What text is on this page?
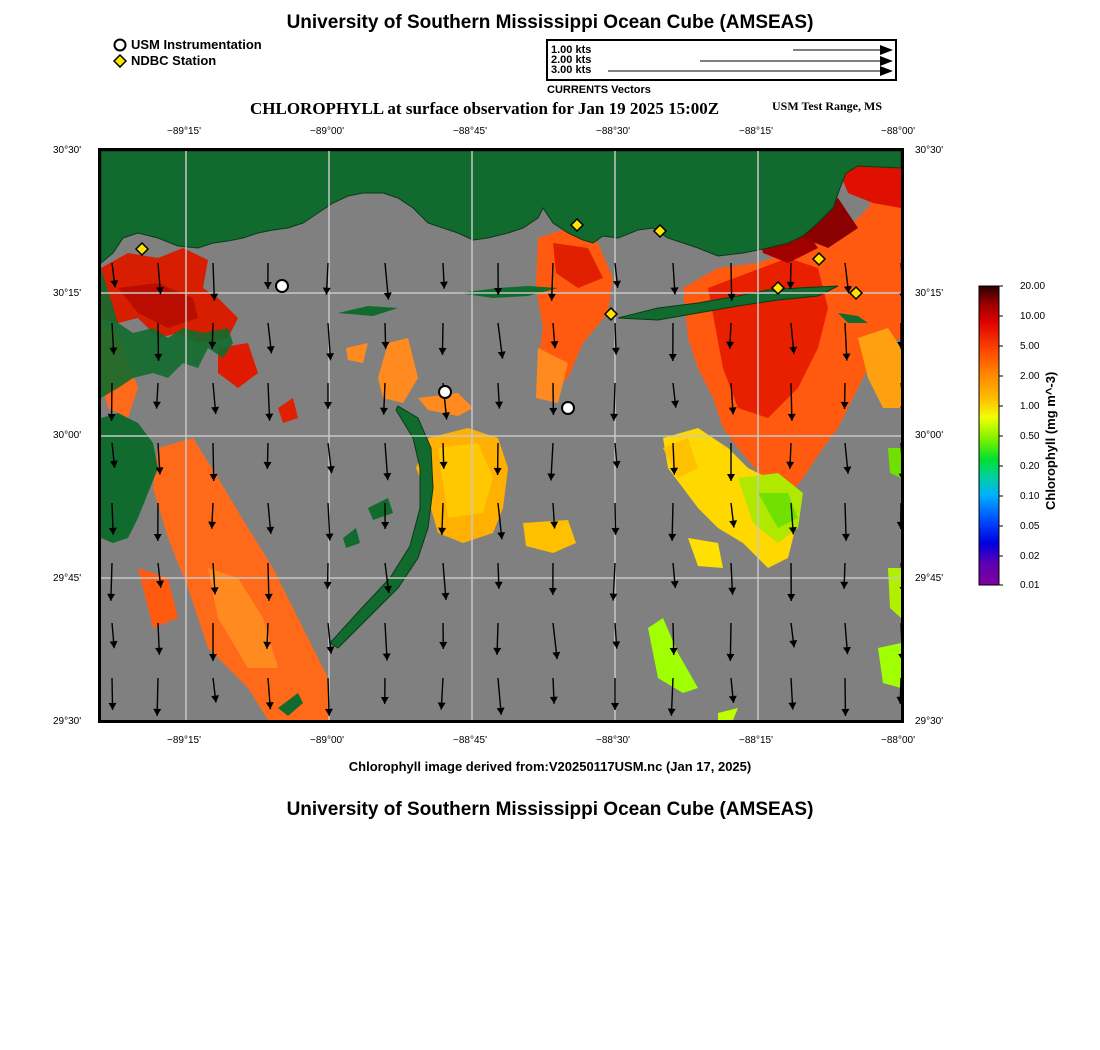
University of Southern Mississippi Ocean Cube (AMSEAS)
USM Instrumentation
NDBC Station
1.00 kts
2.00 kts
3.00 kts
CURRENTS Vectors
CHLOROPHYLL at surface observation for Jan 19 2025 15:00Z	USM Test Range, MS
−89°15'	−89°00'	−88°45'	−88°30'	−88°15'	−88°00'
−89°15'	−89°00'	−88°45'	−88°30'	−88°15'	−88°00'
30°30'
30°15'
30°00'
29°45'
29°30'
30°30'
30°15'
30°00'
29°45'
29°30'
20.00
10.00
5.00
2.00
1.00
0.50
0.20
0.10
0.05
0.02
0.01
Chlorophyll (mg m^-3)
Chlorophyll image derived from:V20250117USM.nc (Jan 17, 2025)
University of Southern Mississippi Ocean Cube (AMSEAS)
